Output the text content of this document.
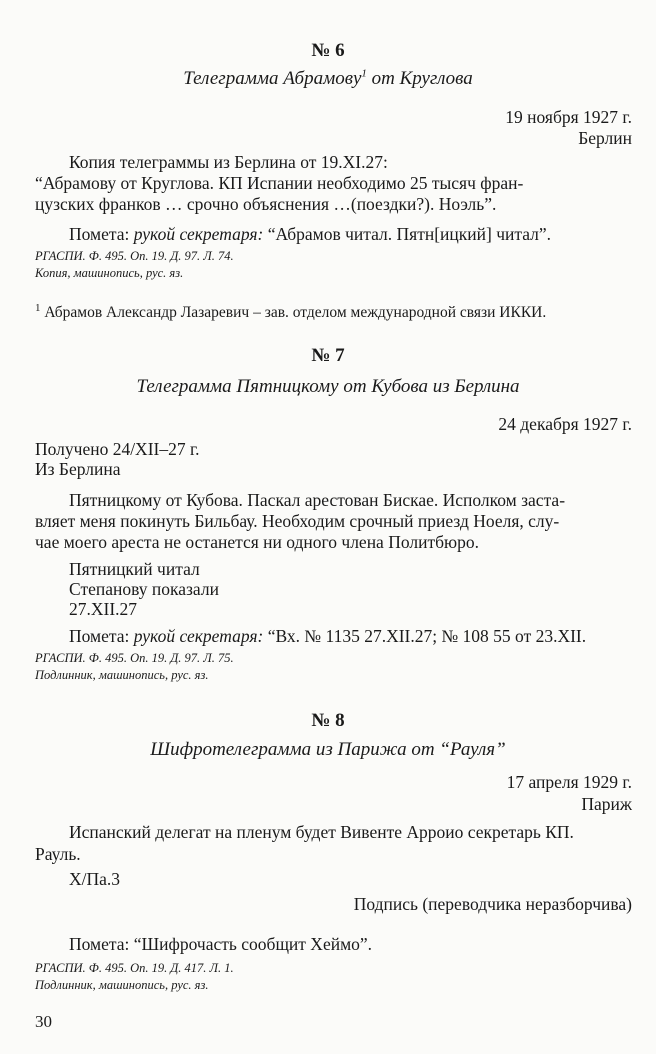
№ 6
Телеграмма Абрамову$^1$ от Круглова
19 ноября 1927 г.
Берлин
Копия телеграммы из Берлина от 19.XI.27:
“Абрамову от Круглова. КП Испании необходимо 25 тысяч фран-
цузских франков … срочно объяснения …(поездки?). Ноэль”.
Помета: рукой секретаря: “Абрамов читал. Пятн[ицкий] читал”.
РГАСПИ. Ф. 495. Оп. 19. Д. 97. Л. 74.
Копия, машинопись, рус. яз.
$^1$ Абрамов Александр Лазаревич – зав. отделом международной связи ИККИ.
№ 7
Телеграмма Пятницкому от Кубова из Берлина
24 декабря 1927 г.
Получено 24/XII–27 г.
Из Берлина
Пятницкому от Кубова. Паскал арестован Бискае. Исполком заста-
вляет меня покинуть Бильбау. Необходим срочный приезд Ноеля, слу-
чае моего ареста не останется ни одного члена Политбюро.
Пятницкий читал
Степанову показали
27.XII.27
Помета: рукой секретаря: “Вх. № 1135 27.XII.27; № 108 55 от 23.XII.
РГАСПИ. Ф. 495. Оп. 19. Д. 97. Л. 75.
Подлинник, машинопись, рус. яз.
№ 8
Шифротелеграмма из Парижа от “Рауля”
17 апреля 1929 г.
Париж
Испанский делегат на пленум будет Вивенте Арроио секретарь КП.
Рауль.
Х/Па.3
Подпись (переводчика неразборчива)
Помета: “Шифрочасть сообщит Хеймо”.
РГАСПИ. Ф. 495. Оп. 19. Д. 417. Л. 1.
Подлинник, машинопись, рус. яз.
30
